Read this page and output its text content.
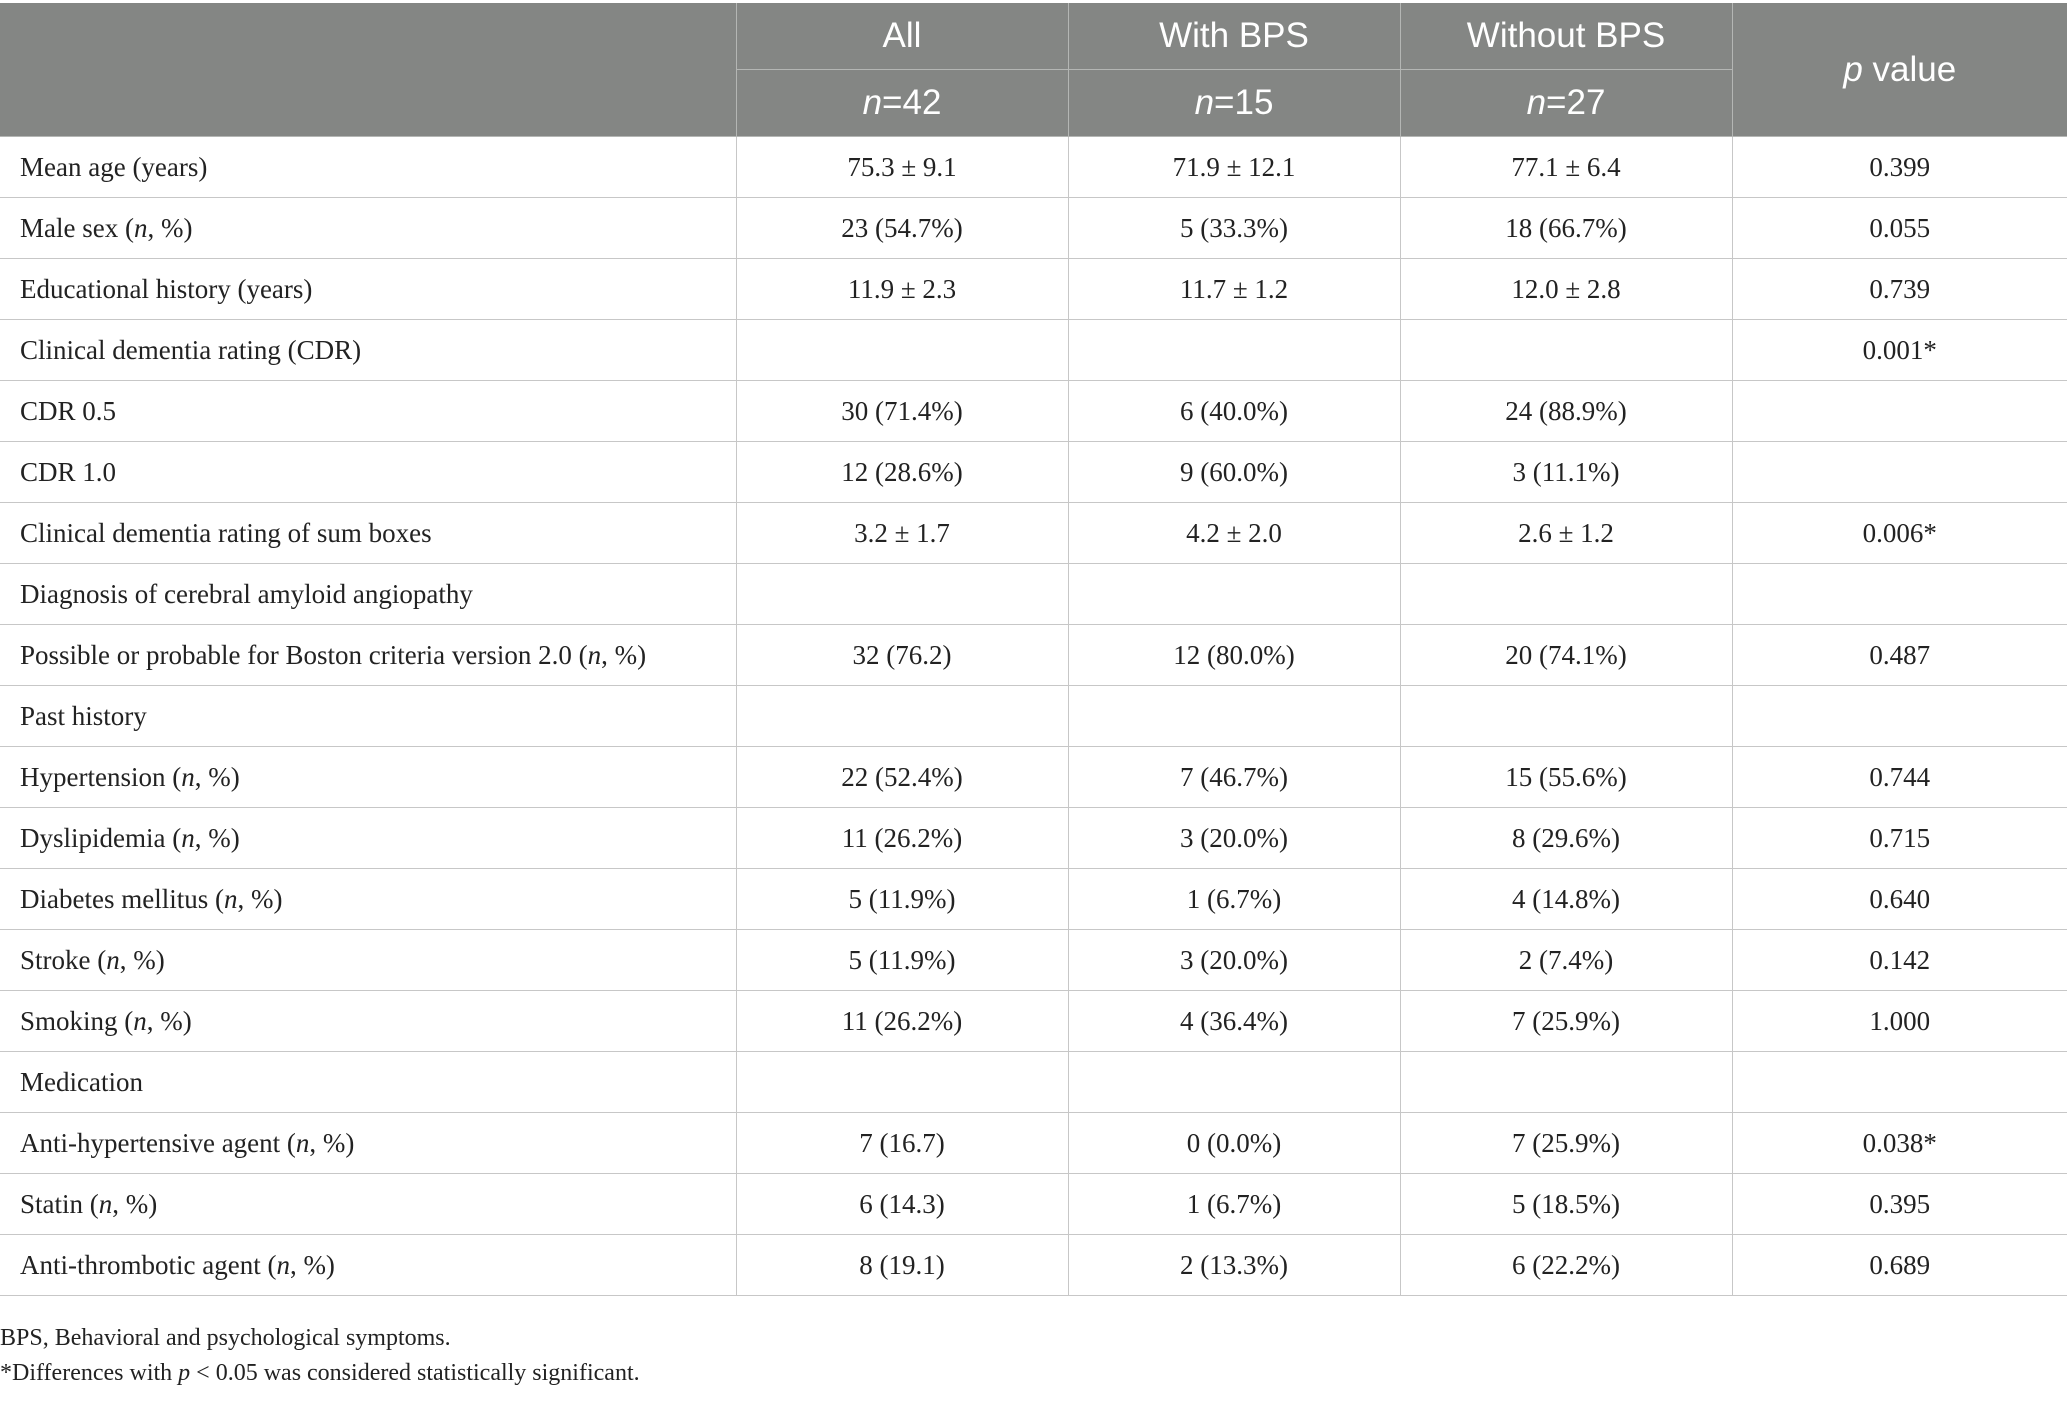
	All	With BPS	Without BPS	p value
	n=42	n=15	n=27	
Mean age (years)	75.3 ± 9.1	71.9 ± 12.1	77.1 ± 6.4	0.399
Male sex (n, %)	23 (54.7%)	5 (33.3%)	18 (66.7%)	0.055
Educational history (years)	11.9 ± 2.3	11.7 ± 1.2	12.0 ± 2.8	0.739
Clinical dementia rating (CDR)				0.001*
CDR 0.5	30 (71.4%)	6 (40.0%)	24 (88.9%)	
CDR 1.0	12 (28.6%)	9 (60.0%)	3 (11.1%)	
Clinical dementia rating of sum boxes	3.2 ± 1.7	4.2 ± 2.0	2.6 ± 1.2	0.006*
Diagnosis of cerebral amyloid angiopathy				
Possible or probable for Boston criteria version 2.0 (n, %)	32 (76.2)	12 (80.0%)	20 (74.1%)	0.487
Past history				
Hypertension (n, %)	22 (52.4%)	7 (46.7%)	15 (55.6%)	0.744
Dyslipidemia (n, %)	11 (26.2%)	3 (20.0%)	8 (29.6%)	0.715
Diabetes mellitus (n, %)	5 (11.9%)	1 (6.7%)	4 (14.8%)	0.640
Stroke (n, %)	5 (11.9%)	3 (20.0%)	2 (7.4%)	0.142
Smoking (n, %)	11 (26.2%)	4 (36.4%)	7 (25.9%)	1.000
Medication				
Anti-hypertensive agent (n, %)	7 (16.7)	0 (0.0%)	7 (25.9%)	0.038*
Statin (n, %)	6 (14.3)	1 (6.7%)	5 (18.5%)	0.395
Anti-thrombotic agent (n, %)	8 (19.1)	2 (13.3%)	6 (22.2%)	0.689
BPS, Behavioral and psychological symptoms.
*Differences with p < 0.05 was considered statistically significant.
